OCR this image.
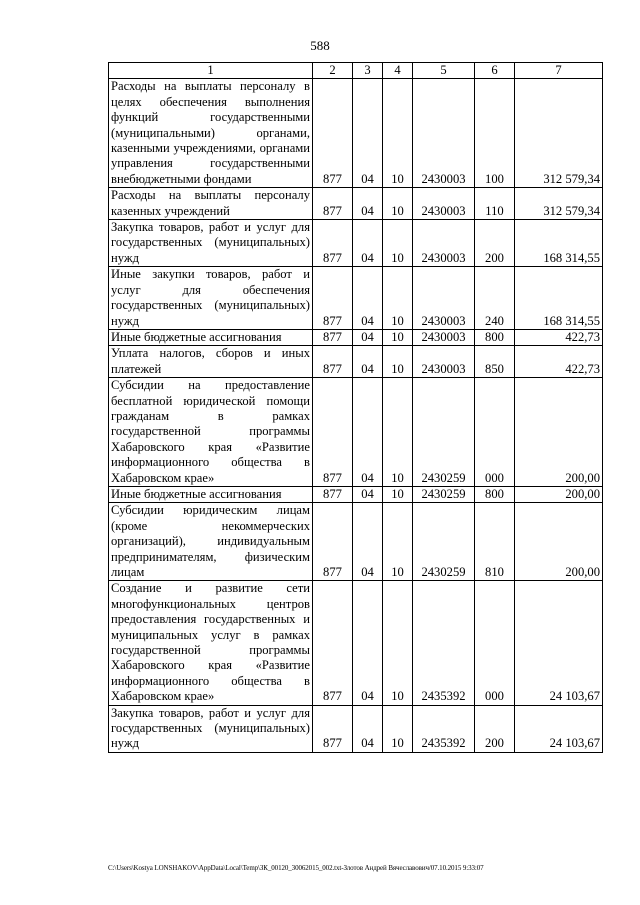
588
1	2	3	4	5	6	7
Расходы на выплаты персоналу в целях обеспечения выполнения функций государственными (муниципальными) органами, казенными учреждениями, органами управления государственными внебюджетными фондами	877	04	10	2430003	100	312 579,34
Расходы на выплаты персоналу казенных учреждений	877	04	10	2430003	110	312 579,34
Закупка товаров, работ и услуг для государственных (муниципальных) нужд	877	04	10	2430003	200	168 314,55
Иные закупки товаров, работ и услуг для обеспечения государственных (муниципальных) нужд	877	04	10	2430003	240	168 314,55
Иные бюджетные ассигнования	877	04	10	2430003	800	422,73
Уплата налогов, сборов и иных платежей	877	04	10	2430003	850	422,73
Субсидии на предоставление бесплатной юридической помощи гражданам в рамках государственной программы Хабаровского края «Развитие информационного общества в Хабаровском крае»	877	04	10	2430259	000	200,00
Иные бюджетные ассигнования	877	04	10	2430259	800	200,00
Субсидии юридическим лицам (кроме некоммерческих организаций), индивидуальным предпринимателям, физическим лицам	877	04	10	2430259	810	200,00
Создание и развитие сети многофункциональных центров предоставления государственных и муниципальных услуг в рамках государственной программы Хабаровского края «Развитие информационного общества в Хабаровском крае»	877	04	10	2435392	000	24 103,67
Закупка товаров, работ и услуг для государственных (муниципальных) нужд	877	04	10	2435392	200	24 103,67
C:\Users\Kostya LONSHAKOV\AppData\Local\Temp\ЗК_00120_30062015_002.txt-Злотов Андрей Вячеславович/07.10.2015 9:33:07
